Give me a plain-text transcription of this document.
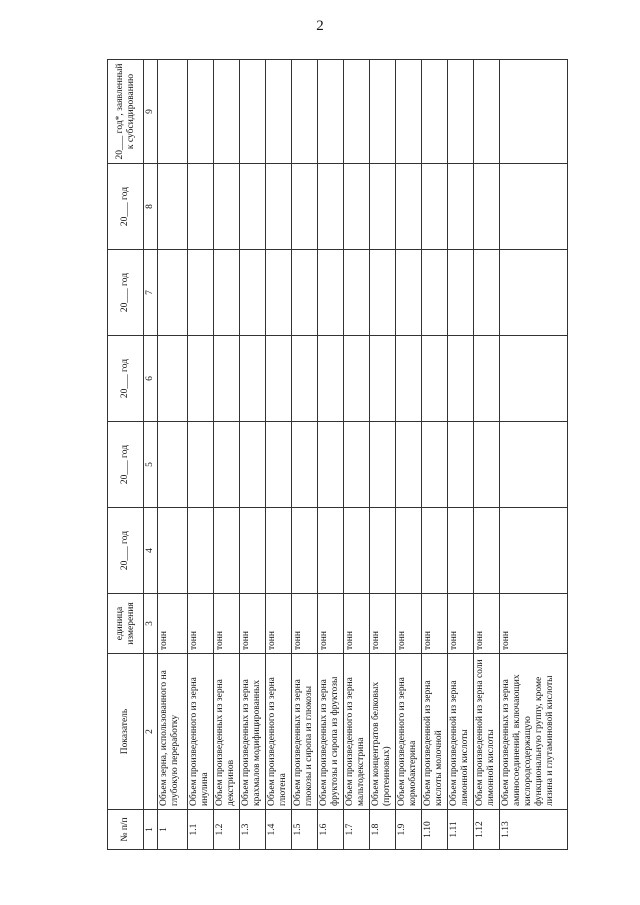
2
№ п/п	Показатель	единица измерения	20___ год	20___ год	20___ год	20___ год	20___ год	20___ год*, заявленный к субсидированию
1	2	3	4	5	6	7	8	9
1	Объем зерна, использованного на глубокую переработку	тонн						
1.1	Объем произведенного из зерна инулина	тонн						
1.2	Объем произведенных из зерна декстринов	тонн						
1.3	Объем произведенных из зерна крахмалов модифицированных	тонн						
1.4	Объем произведенного из зерна глютена	тонн						
1.5	Объем произведенных из зерна глюкозы и сиропа из глюкозы	тонн						
1.6	Объем произведенных из зерна фруктозы и сиропа из фруктозы	тонн						
1.7	Объем произведенного из зерна мальтодекстрина	тонн						
1.8	Объем концентратов белковых (протеиновых)	тонн						
1.9	Объем произведенного из зерна кормобактерина	тонн						
1.10	Объем произведенной из зерна кислоты молочной	тонн						
1.11	Объем произведенной из зерна лимонной кислоты	тонн						
1.12	Объем произведенной из зерна соли лимонной кислоты	тонн						
1.13	Объем произведенных из зерна аминосоединений, включающих кислородсодержащую функциональную группу, кроме лизина и глутаминовой кислоты	тонн						
